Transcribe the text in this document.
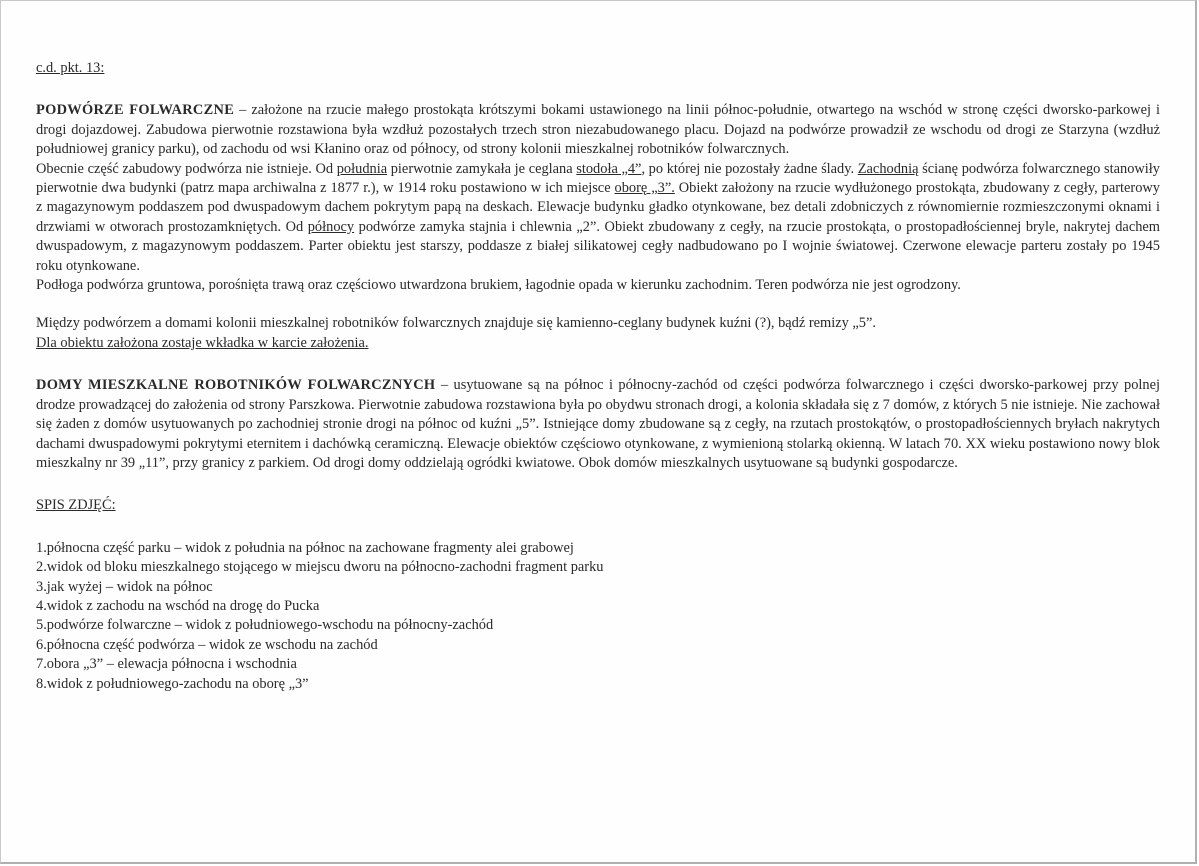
c.d. pkt. 13:

PODWÓRZE FOLWARCZNE – założone na rzucie małego prostokąta krótszymi bokami ustawionego na linii północ-południe, otwartego na wschód w stronę części dworsko-parkowej i drogi dojazdowej. Zabudowa pierwotnie rozstawiona była wzdłuż pozostałych trzech stron niezabudowanego placu. Dojazd na podwórze prowadził ze wschodu od drogi ze Starzyna (wzdłuż południowej granicy parku), od zachodu od wsi Kłanino oraz od północy, od strony kolonii mieszkalnej robotników folwarcznych.

Obecnie część zabudowy podwórza nie istnieje. Od południa pierwotnie zamykała je ceglana stodoła „4”, po której nie pozostały żadne ślady. Zachodnią ścianę podwórza folwarcznego stanowiły pierwotnie dwa budynki (patrz mapa archiwalna z 1877 r.), w 1914 roku postawiono w ich miejsce oborę „3”. Obiekt założony na rzucie wydłużonego prostokąta, zbudowany z cegły, parterowy z magazynowym poddaszem pod dwuspadowym dachem pokrytym papą na deskach. Elewacje budynku gładko otynkowane, bez detali zdobniczych z równomiernie rozmieszczonymi oknami i drzwiami w otworach prostozamkniętych. Od północy podwórze zamyka stajnia i chlewnia „2”. Obiekt zbudowany z cegły, na rzucie prostokąta, o prostopadłościennej bryle, nakrytej dachem dwuspadowym, z magazynowym poddaszem. Parter obiektu jest starszy, poddasze z białej silikatowej cegły nadbudowano po I wojnie światowej. Czerwone elewacje parteru zostały po 1945 roku otynkowane.

Podłoga podwórza gruntowa, porośnięta trawą oraz częściowo utwardzona brukiem, łagodnie opada w kierunku zachodnim. Teren podwórza nie jest ogrodzony.

Między podwórzem a domami kolonii mieszkalnej robotników folwarcznych znajduje się kamienno-ceglany budynek kuźni (?), bądź remizy „5”.

Dla obiektu założona zostaje wkładka w karcie założenia.

DOMY MIESZKALNE ROBOTNIKÓW FOLWARCZNYCH – usytuowane są na północ i północny-zachód od części podwórza folwarcznego i części dworsko-parkowej przy polnej drodze prowadzącej do założenia od strony Parszkowa. Pierwotnie zabudowa rozstawiona była po obydwu stronach drogi, a kolonia składała się z 7 domów, z których 5 nie istnieje. Nie zachował się żaden z domów usytuowanych po zachodniej stronie drogi na północ od kuźni „5”. Istniejące domy zbudowane są z cegły, na rzutach prostokątów, o prostopadłościennych bryłach nakrytych dachami dwuspadowymi pokrytymi eternitem i dachówką ceramiczną. Elewacje obiektów częściowo otynkowane, z wymienioną stolarką okienną. W latach 70. XX wieku postawiono nowy blok mieszkalny nr 39 „11”, przy granicy z parkiem. Od drogi domy oddzielają ogródki kwiatowe. Obok domów mieszkalnych usytuowane są budynki gospodarcze.

SPIS ZDJĘĆ:

1.północna część parku – widok z południa na północ na zachowane fragmenty alei grabowej

2.widok od bloku mieszkalnego stojącego w miejscu dworu na północno-zachodni fragment parku

3.jak wyżej – widok na północ

4.widok z zachodu na wschód na drogę do Pucka

5.podwórze folwarczne – widok z południowego-wschodu na północny-zachód

6.północna część podwórza – widok ze wschodu na zachód

7.obora „3” – elewacja północna i wschodnia

8.widok z południowego-zachodu na oborę „3”
